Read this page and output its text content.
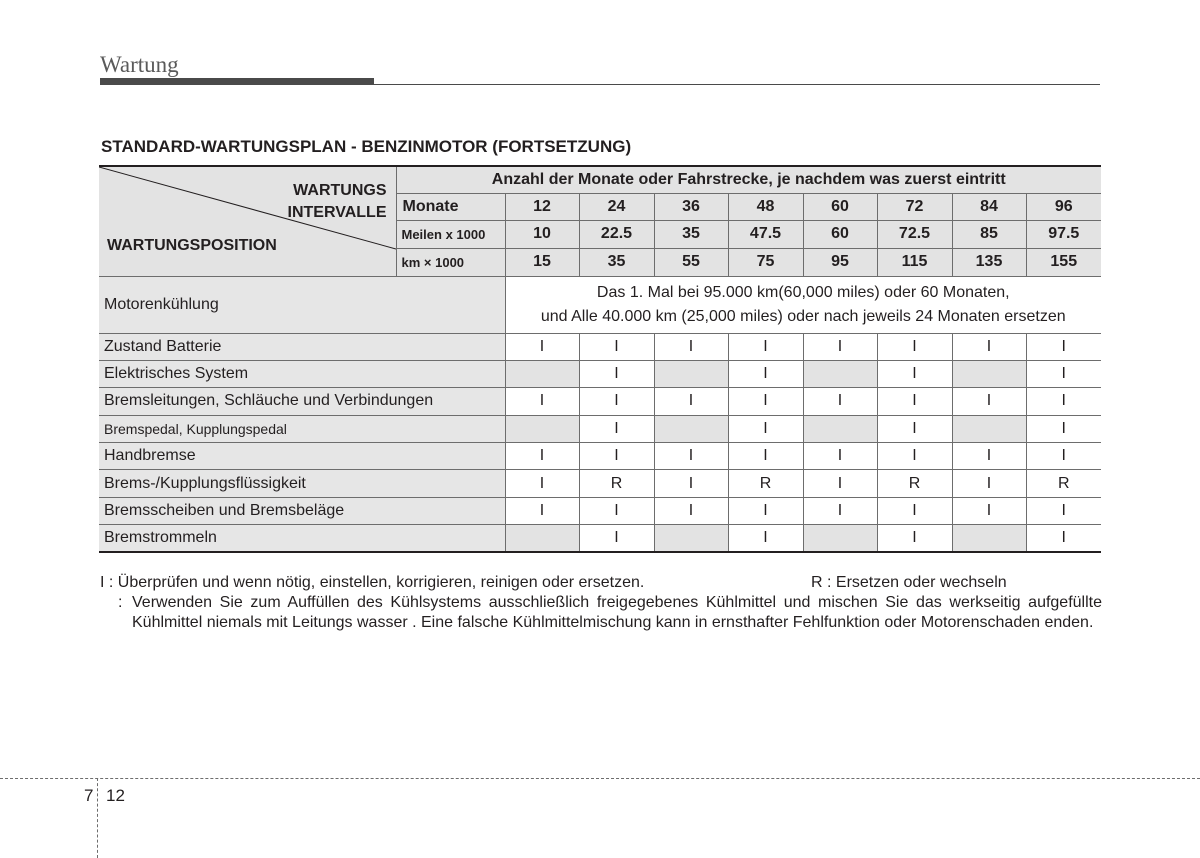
Wartung
STANDARD-WARTUNGSPLAN - BENZINMOTOR (FORTSETZUNG)
WARTUNGS
INTERVALLE
WARTUNGSPOSITION	Anzahl der Monate oder Fahrstrecke, je nachdem was zuerst eintritt								
	Monate	12	24	36	48	60	72	84	96
	Meilen x 1000	10	22.5	35	47.5	60	72.5	85	97.5
	km × 1000	15	35	55	75	95	115	135	155
Motorenkühlung		Das 1. Mal bei 95.000 km(60,000 miles) oder 60 Monaten,
und Alle 40.000 km (25,000 miles) oder nach jeweils 24 Monaten ersetzen							

Zustand Batterie		I	I	I	I	I	I	I	I
Elektrisches System			I		I		I		I
Bremsleitungen, Schläuche und Verbindungen		I	I	I	I	I	I	I	I
Bremspedal, Kupplungspedal			I		I		I		I
Handbremse		I	I	I	I	I	I	I	I
Brems-/Kupplungsflüssigkeit		I	R	I	R	I	R	I	R
Bremsscheiben und Bremsbeläge		I	I	I	I	I	I	I	I
Bremstrommeln			I		I		I		I
I : Überprüfen und wenn nötig, einstellen, korrigieren, reinigen oder ersetzen.	R : Ersetzen oder wechseln
: Verwenden Sie zum Auffüllen des Kühlsystems ausschließlich freigegebenes Kühlmittel und mischen Sie das werkseitig aufgefüllte Kühlmittel niemals mit Leitungs wasser . Eine falsche Kühlmittelmischung kann in ernsthafter Fehlfunktion oder Motorenschaden enden.
7 12
